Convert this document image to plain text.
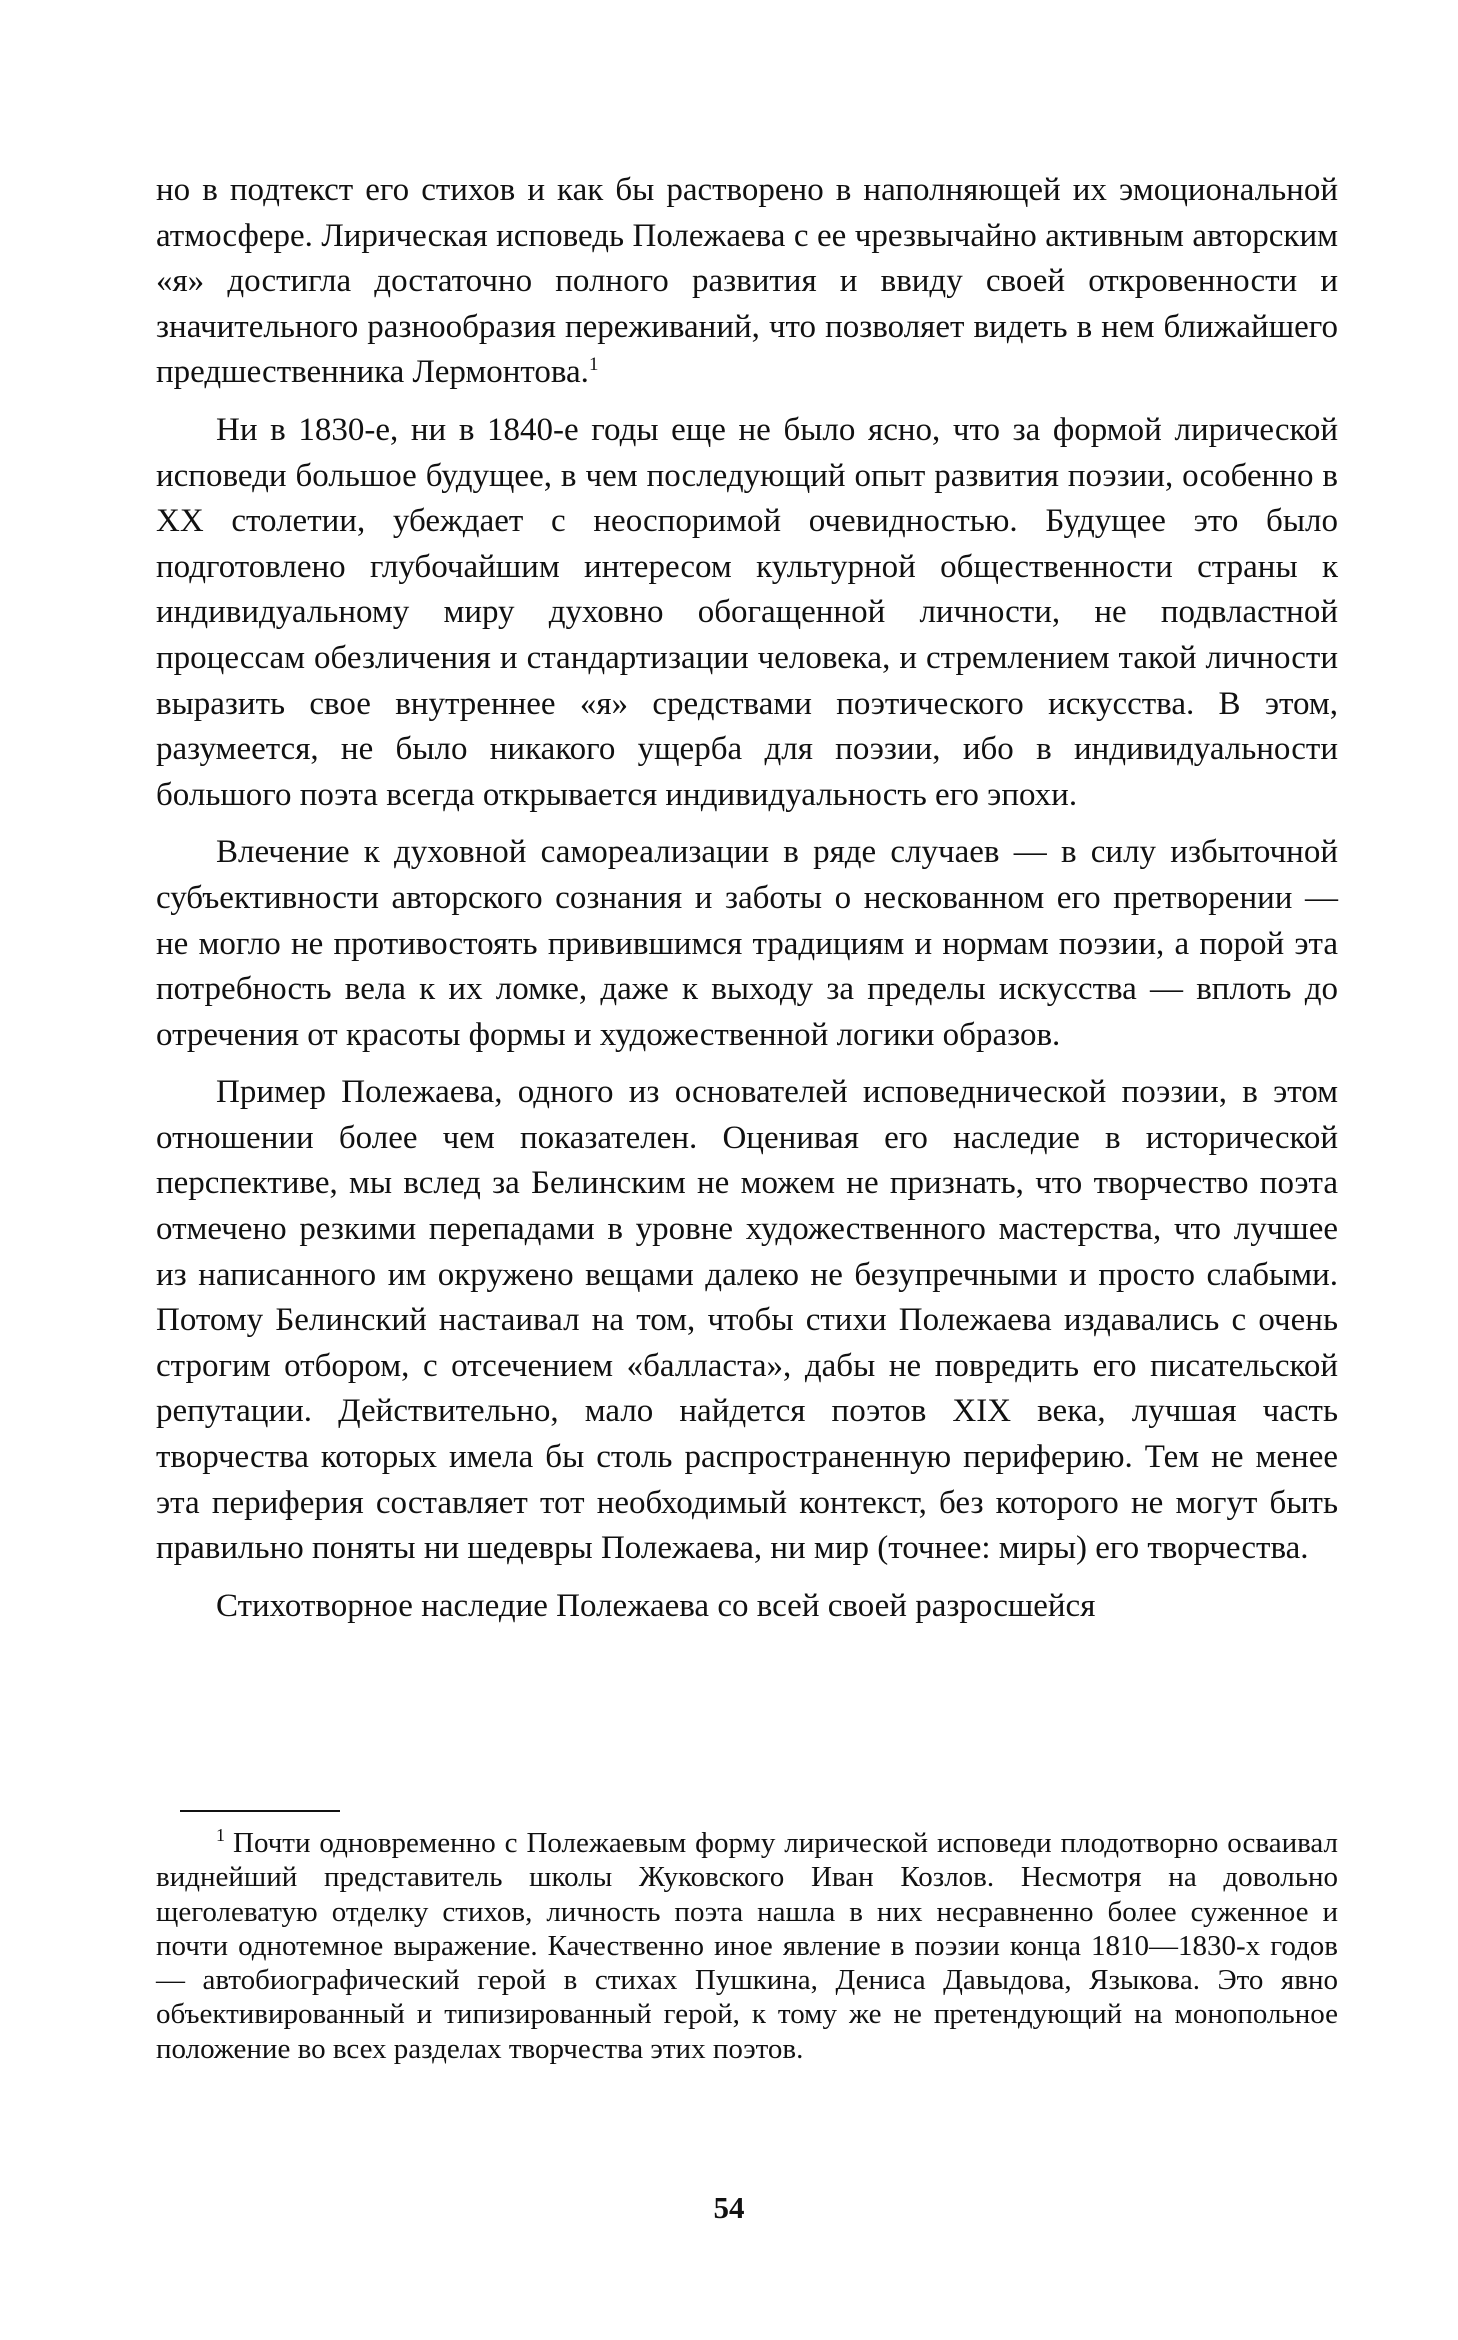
но в подтекст его стихов и как бы растворено в наполняющей их эмоциональной атмосфере. Лирическая исповедь Полежаева с ее чрезвычайно активным авторским «я» достигла достаточно полного развития и ввиду своей откровенности и значительного разнообразия переживаний, что позволяет видеть в нем ближайшего предшественника Лермонтова.$^1$

Ни в 1830-е, ни в 1840-е годы еще не было ясно, что за формой лирической исповеди большое будущее, в чем последующий опыт развития поэзии, особенно в XX столетии, убеждает с неоспоримой очевидностью. Будущее это было подготовлено глубочайшим интересом культурной общественности страны к индивидуальному миру духовно обогащенной личности, не подвластной процессам обезличения и стандартизации человека, и стремлением такой личности выразить свое внутреннее «я» средствами поэтического искусства. В этом, разумеется, не было никакого ущерба для поэзии, ибо в индивидуальности большого поэта всегда открывается индивидуальность его эпохи.

Влечение к духовной самореализации в ряде случаев — в силу избыточной субъективности авторского сознания и заботы о нескованном его претворении — не могло не противостоять привившимся традициям и нормам поэзии, а порой эта потребность вела к их ломке, даже к выходу за пределы искусства — вплоть до отречения от красоты формы и художественной логики образов.

Пример Полежаева, одного из основателей исповеднической поэзии, в этом отношении более чем показателен. Оценивая его наследие в исторической перспективе, мы вслед за Белинским не можем не признать, что творчество поэта отмечено резкими перепадами в уровне художественного мастерства, что лучшее из написанного им окружено вещами далеко не безупречными и просто слабыми. Потому Белинский настаивал на том, чтобы стихи Полежаева издавались с очень строгим отбором, с отсечением «балласта», дабы не повредить его писательской репутации. Действительно, мало найдется поэтов XIX века, лучшая часть творчества которых имела бы столь распространенную периферию. Тем не менее эта периферия составляет тот необходимый контекст, без которого не могут быть правильно поняты ни шедевры Полежаева, ни мир (точнее: миры) его творчества.

Стихотворное наследие Полежаева со всей своей разросшейся

$^1$ Почти одновременно с Полежаевым форму лирической исповеди плодотворно осваивал виднейший представитель школы Жуковского Иван Козлов. Несмотря на довольно щеголеватую отделку стихов, личность поэта нашла в них несравненно более суженное и почти однотемное выражение. Качественно иное явление в поэзии конца 1810—1830-х годов — автобиографический герой в стихах Пушкина, Дениса Давыдова, Языкова. Это явно объективированный и типизированный герой, к тому же не претендующий на монопольное положение во всех разделах творчества этих поэтов.

54
